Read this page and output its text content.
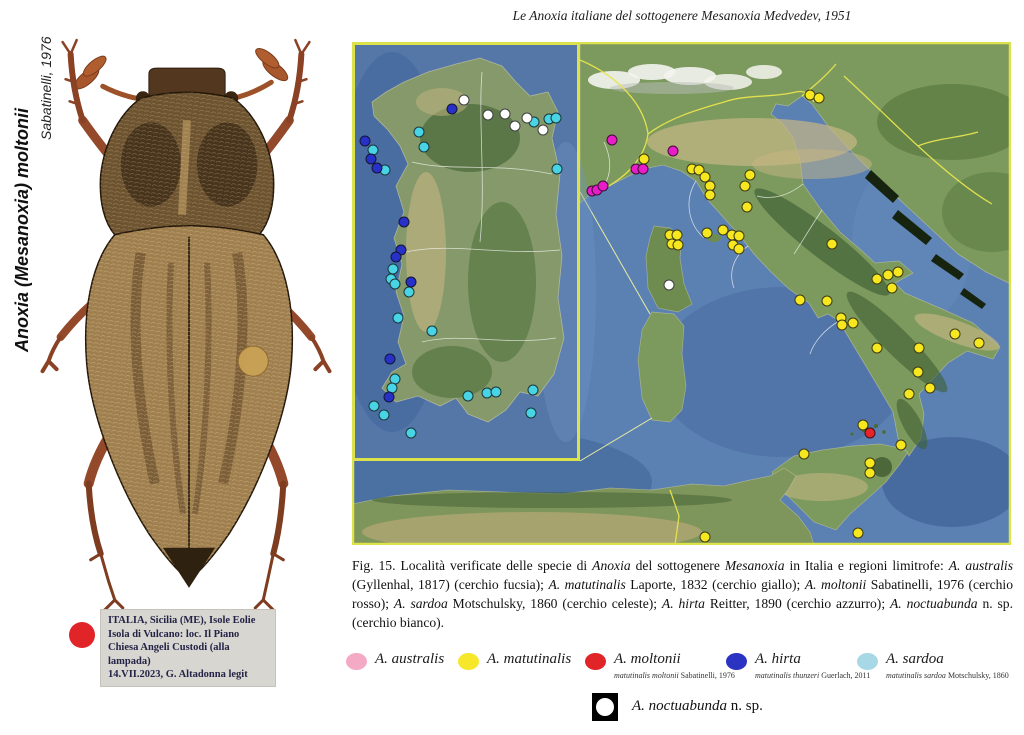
Le Anoxia italiane del sottogenere Mesanoxia Medvedev, 1951
Anoxia (Mesanoxia) moltonii
Sabatinelli, 1976
ITALIA, Sicilia (ME), Isole Eolie
Isola di Vulcano: loc. Il Piano
Chiesa Angeli Custodi (alla lampada)
14.VII.2023, G. Altadonna legit
Fig. 15. Località verificate delle specie di Anoxia del sottogenere Mesanoxia in Italia e regioni limitrofe: A. australis (Gyllenhal, 1817) (cerchio fucsia); A. matutinalis Laporte, 1832 (cerchio giallo); A. moltonii Sabatinelli, 1976 (cerchio rosso); A. sardoa Motschulsky, 1860 (cerchio celeste); A. hirta Reitter, 1890 (cerchio azzurro); A. noctuabunda n. sp. (cerchio bianco).
A. australis	A. matutinalis	A. moltonii
matutinalis moltonii Sabatinelli, 1976
A. hirta
matutinalis thunzeri Guerlach, 2011
A. sardoa
matutinalis sardoa Motschulsky, 1860
A. noctuabunda n. sp.
